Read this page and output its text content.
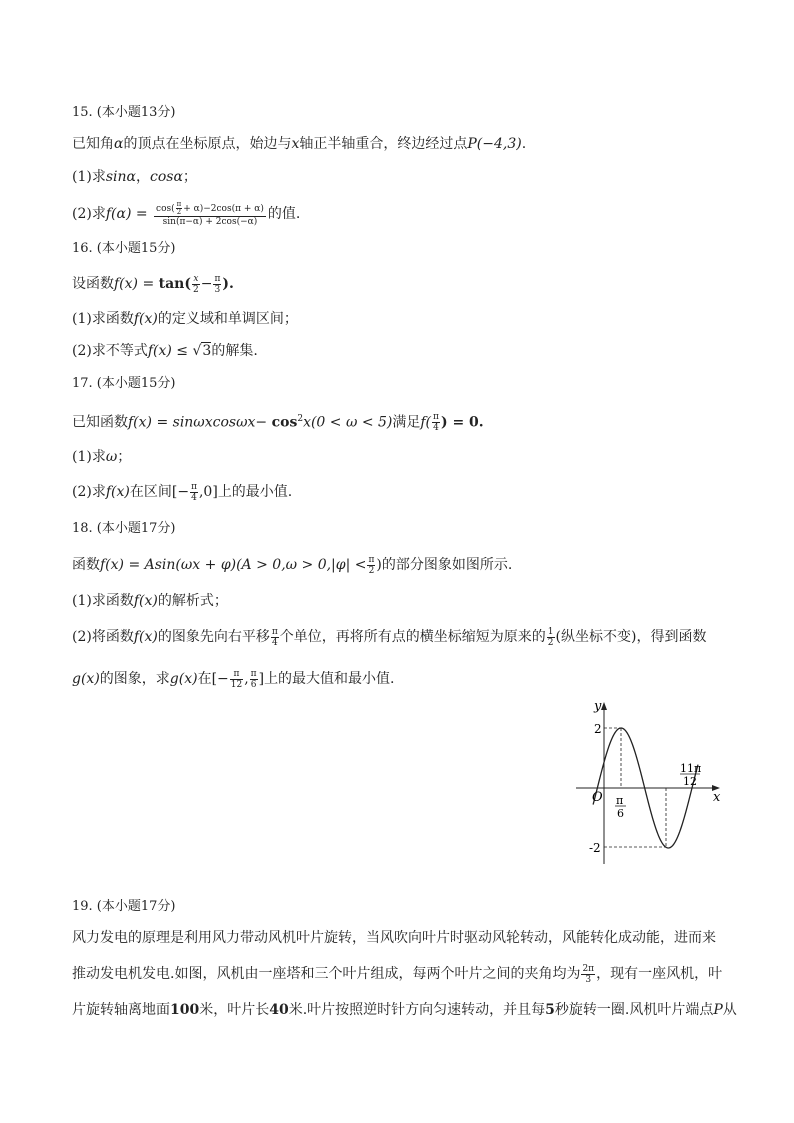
15. (本小题13分)
已知角α的顶点在坐标原点，始边与x轴正半轴重合，终边经过点P(−4,3).
(1)求sinα，cosα；
(2)求$f(\alpha) = \frac{\cos( \frac{\pi}{2} + \alpha)-2\cos(\pi + \alpha)}{\sin(\pi-\alpha) + 2\cos(-\alpha)}$ 的值.
16. (本小题15分)
设函数$f(x) = \tan( \frac{x}{2} - \frac{\pi}{3}$ ).
(1)求函数f(x)的定义域和单调区间；
(2)求不等式f(x) ≤ √3的解集.
17. (本小题15分)
已知函数$f(x) = \sin\omega xcos\omega x- \cos^2x(0 < \omega < 5)$满足$f( \frac{\pi}{4}$ ) = 0.
(1)求ω；
(2)求f(x)在区间[− $\frac{\pi}{4} ,0$]上的最小值.
18. (本小题17分)
函数$f(x) = Asin(\omega x + \varphi)(A > 0,\omega > 0,|\varphi| < \frac{\pi}{2}$ )的部分图象如图所示.
(1)求函数f(x)的解析式；
(2)将函数f(x)的图象先向右平移 $\frac{\pi}{4}$ 个单位，再将所有点的横坐标缩短为原来的 $\frac{1}{2}$ (纵坐标不变)，得到函数
g(x)的图象，求g(x)在[− $\frac{\pi}{12}$ , $\frac{\pi}{6}$ ]上的最大值和最小值.
y
x
O
2
-2
π
6
11π
12
19. (本小题17分)
风力发电的原理是利用风力带动风机叶片旋转，当风吹向叶片时驱动风轮转动，风能转化成动能，进而来
推动发电机发电.如图，风机由一座塔和三个叶片组成，每两个叶片之间的夹角均为 $\frac{2\pi}{3}$ ，现有一座风机，叶
片旋转轴离地面100米，叶片长40米.叶片按照逆时针方向匀速转动，并且每5秒旋转一圈.风机叶片端点P从
